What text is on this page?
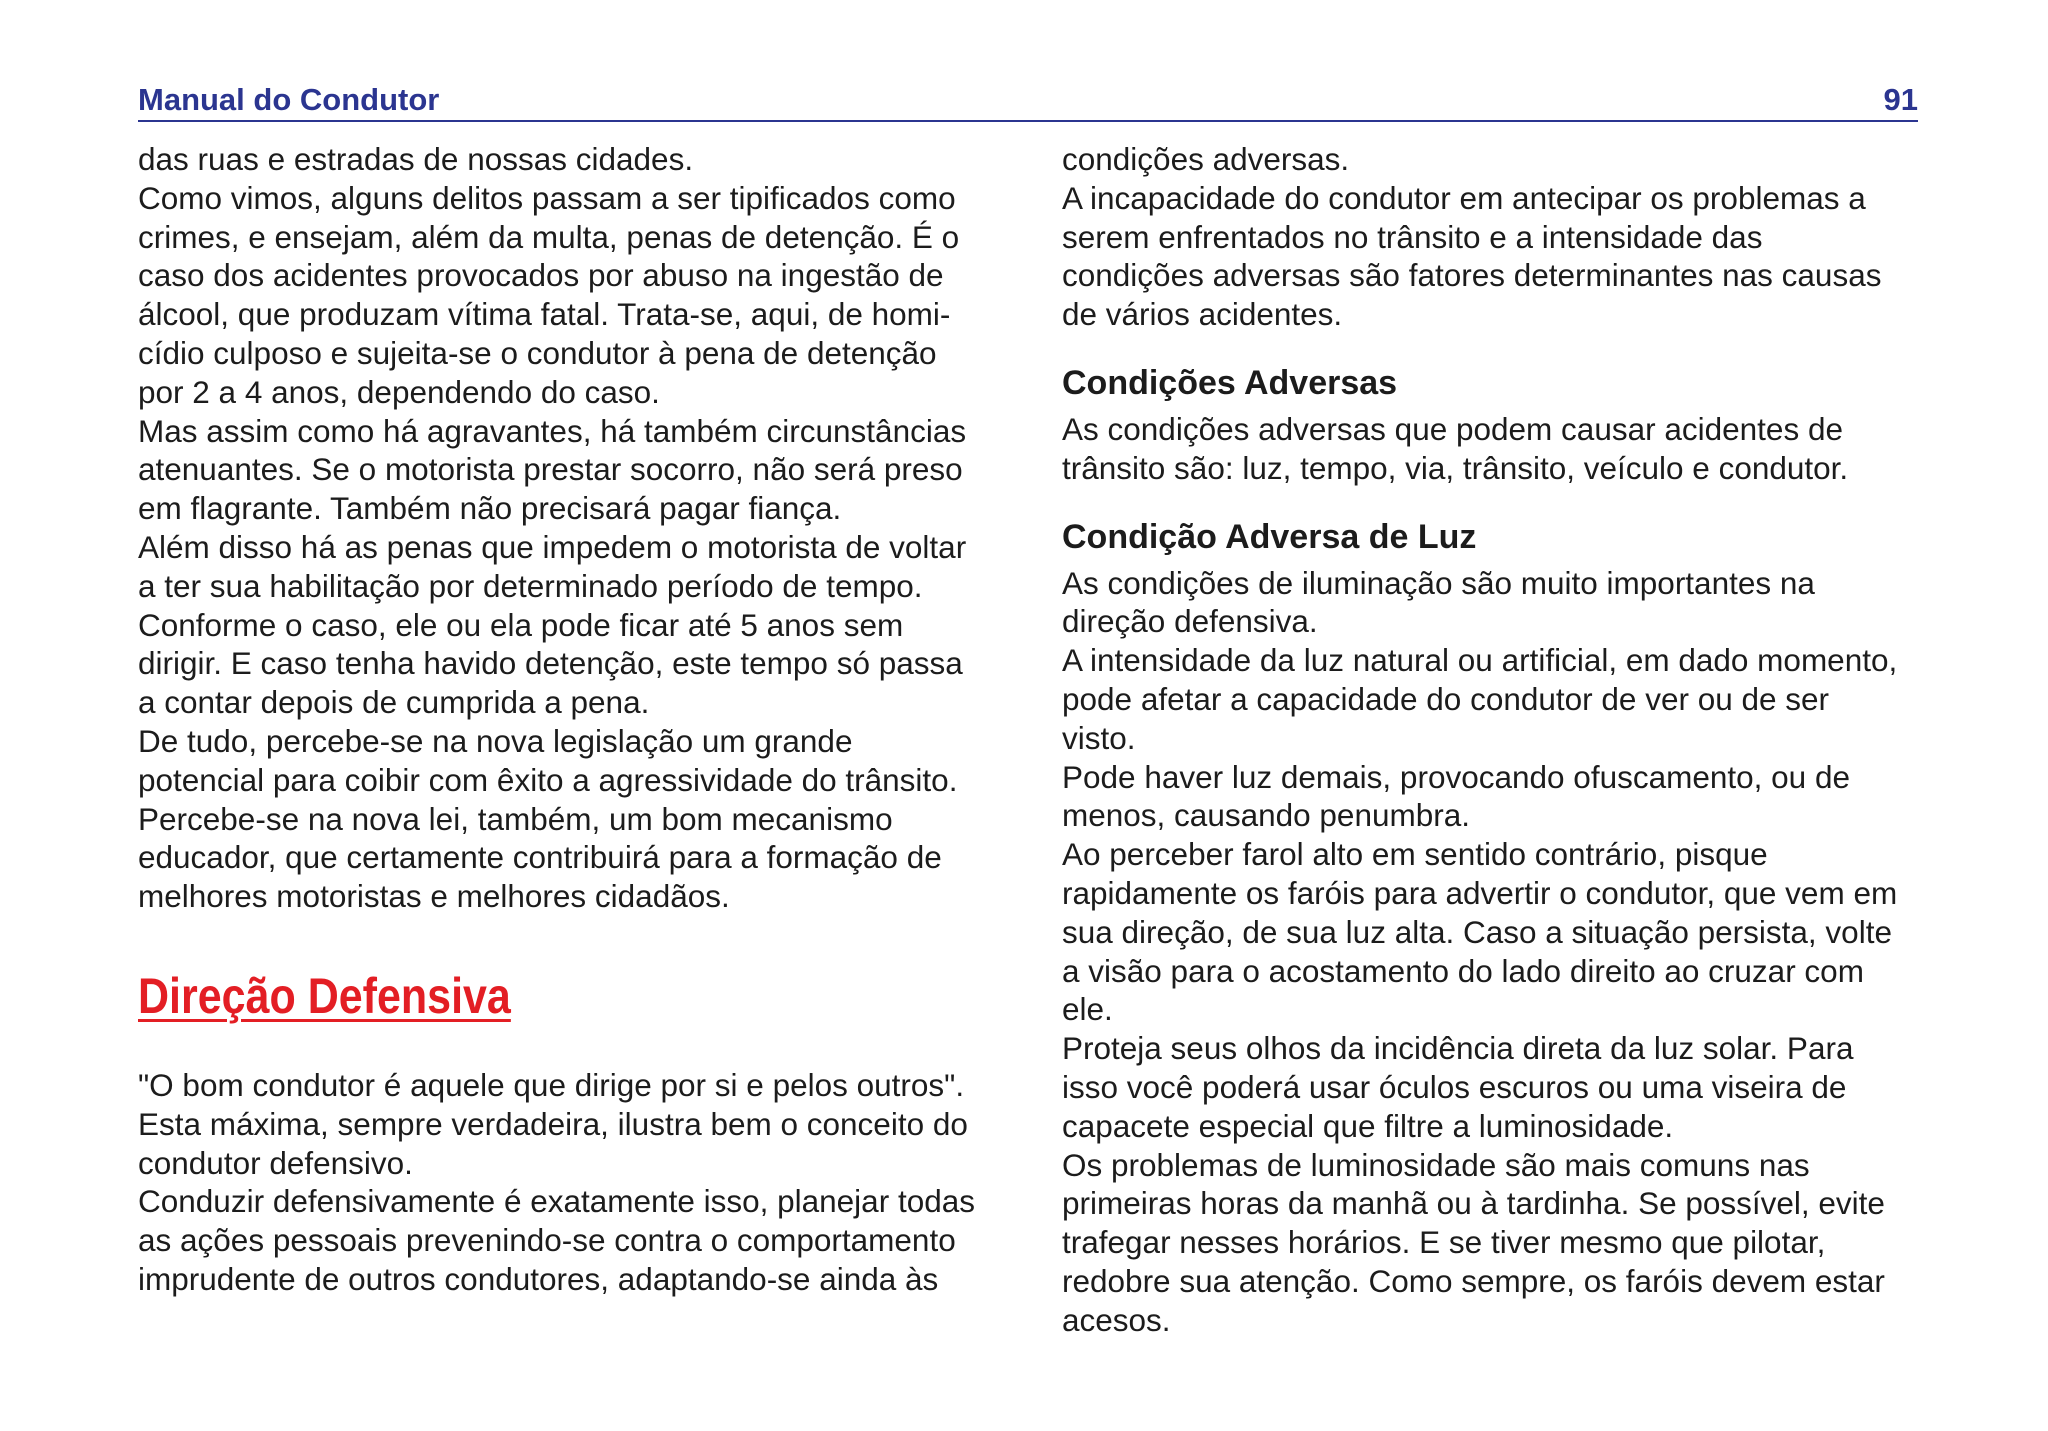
Manual do Condutor	91
das ruas e estradas de nossas cidades.
Como vimos, alguns delitos passam a ser tipificados como
crimes, e ensejam, além da multa, penas de detenção. É o
caso dos acidentes provocados por abuso na ingestão de
álcool, que produzam vítima fatal. Trata-se, aqui, de homi-
cídio culposo e sujeita-se o condutor à pena de detenção
por 2 a 4 anos, dependendo do caso.
Mas assim como há agravantes, há também circunstâncias
atenuantes. Se o motorista prestar socorro, não será preso
em flagrante. Também não precisará pagar fiança.
Além disso há as penas que impedem o motorista de voltar
a ter sua habilitação por determinado período de tempo.
Conforme o caso, ele ou ela pode ficar até 5 anos sem
dirigir. E caso tenha havido detenção, este tempo só passa
a contar depois de cumprida a pena.
De tudo, percebe-se na nova legislação um grande
potencial para coibir com êxito a agressividade do trânsito.
Percebe-se na nova lei, também, um bom mecanismo
educador, que certamente contribuirá para a formação de
melhores motoristas e melhores cidadãos.
Direção Defensiva
"O bom condutor é aquele que dirige por si e pelos outros".
Esta máxima, sempre verdadeira, ilustra bem o conceito do
condutor defensivo.
Conduzir defensivamente é exatamente isso, planejar todas
as ações pessoais prevenindo-se contra o comportamento
imprudente de outros condutores, adaptando-se ainda às
condições adversas.
A incapacidade do condutor em antecipar os problemas a
serem enfrentados no trânsito e a intensidade das
condições adversas são fatores determinantes nas causas
de vários acidentes.
Condições Adversas
As condições adversas que podem causar acidentes de
trânsito são: luz, tempo, via, trânsito, veículo e condutor.
Condição Adversa de Luz
As condições de iluminação são muito importantes na
direção defensiva.
A intensidade da luz natural ou artificial, em dado momento,
pode afetar a capacidade do condutor de ver ou de ser
visto.
Pode haver luz demais, provocando ofuscamento, ou de
menos, causando penumbra.
Ao perceber farol alto em sentido contrário, pisque
rapidamente os faróis para advertir o condutor, que vem em
sua direção, de sua luz alta. Caso a situação persista, volte
a visão para o acostamento do lado direito ao cruzar com
ele.
Proteja seus olhos da incidência direta da luz solar. Para
isso você poderá usar óculos escuros ou uma viseira de
capacete especial que filtre a luminosidade.
Os problemas de luminosidade são mais comuns nas
primeiras horas da manhã ou à tardinha. Se possível, evite
trafegar nesses horários. E se tiver mesmo que pilotar,
redobre sua atenção. Como sempre, os faróis devem estar
acesos.
